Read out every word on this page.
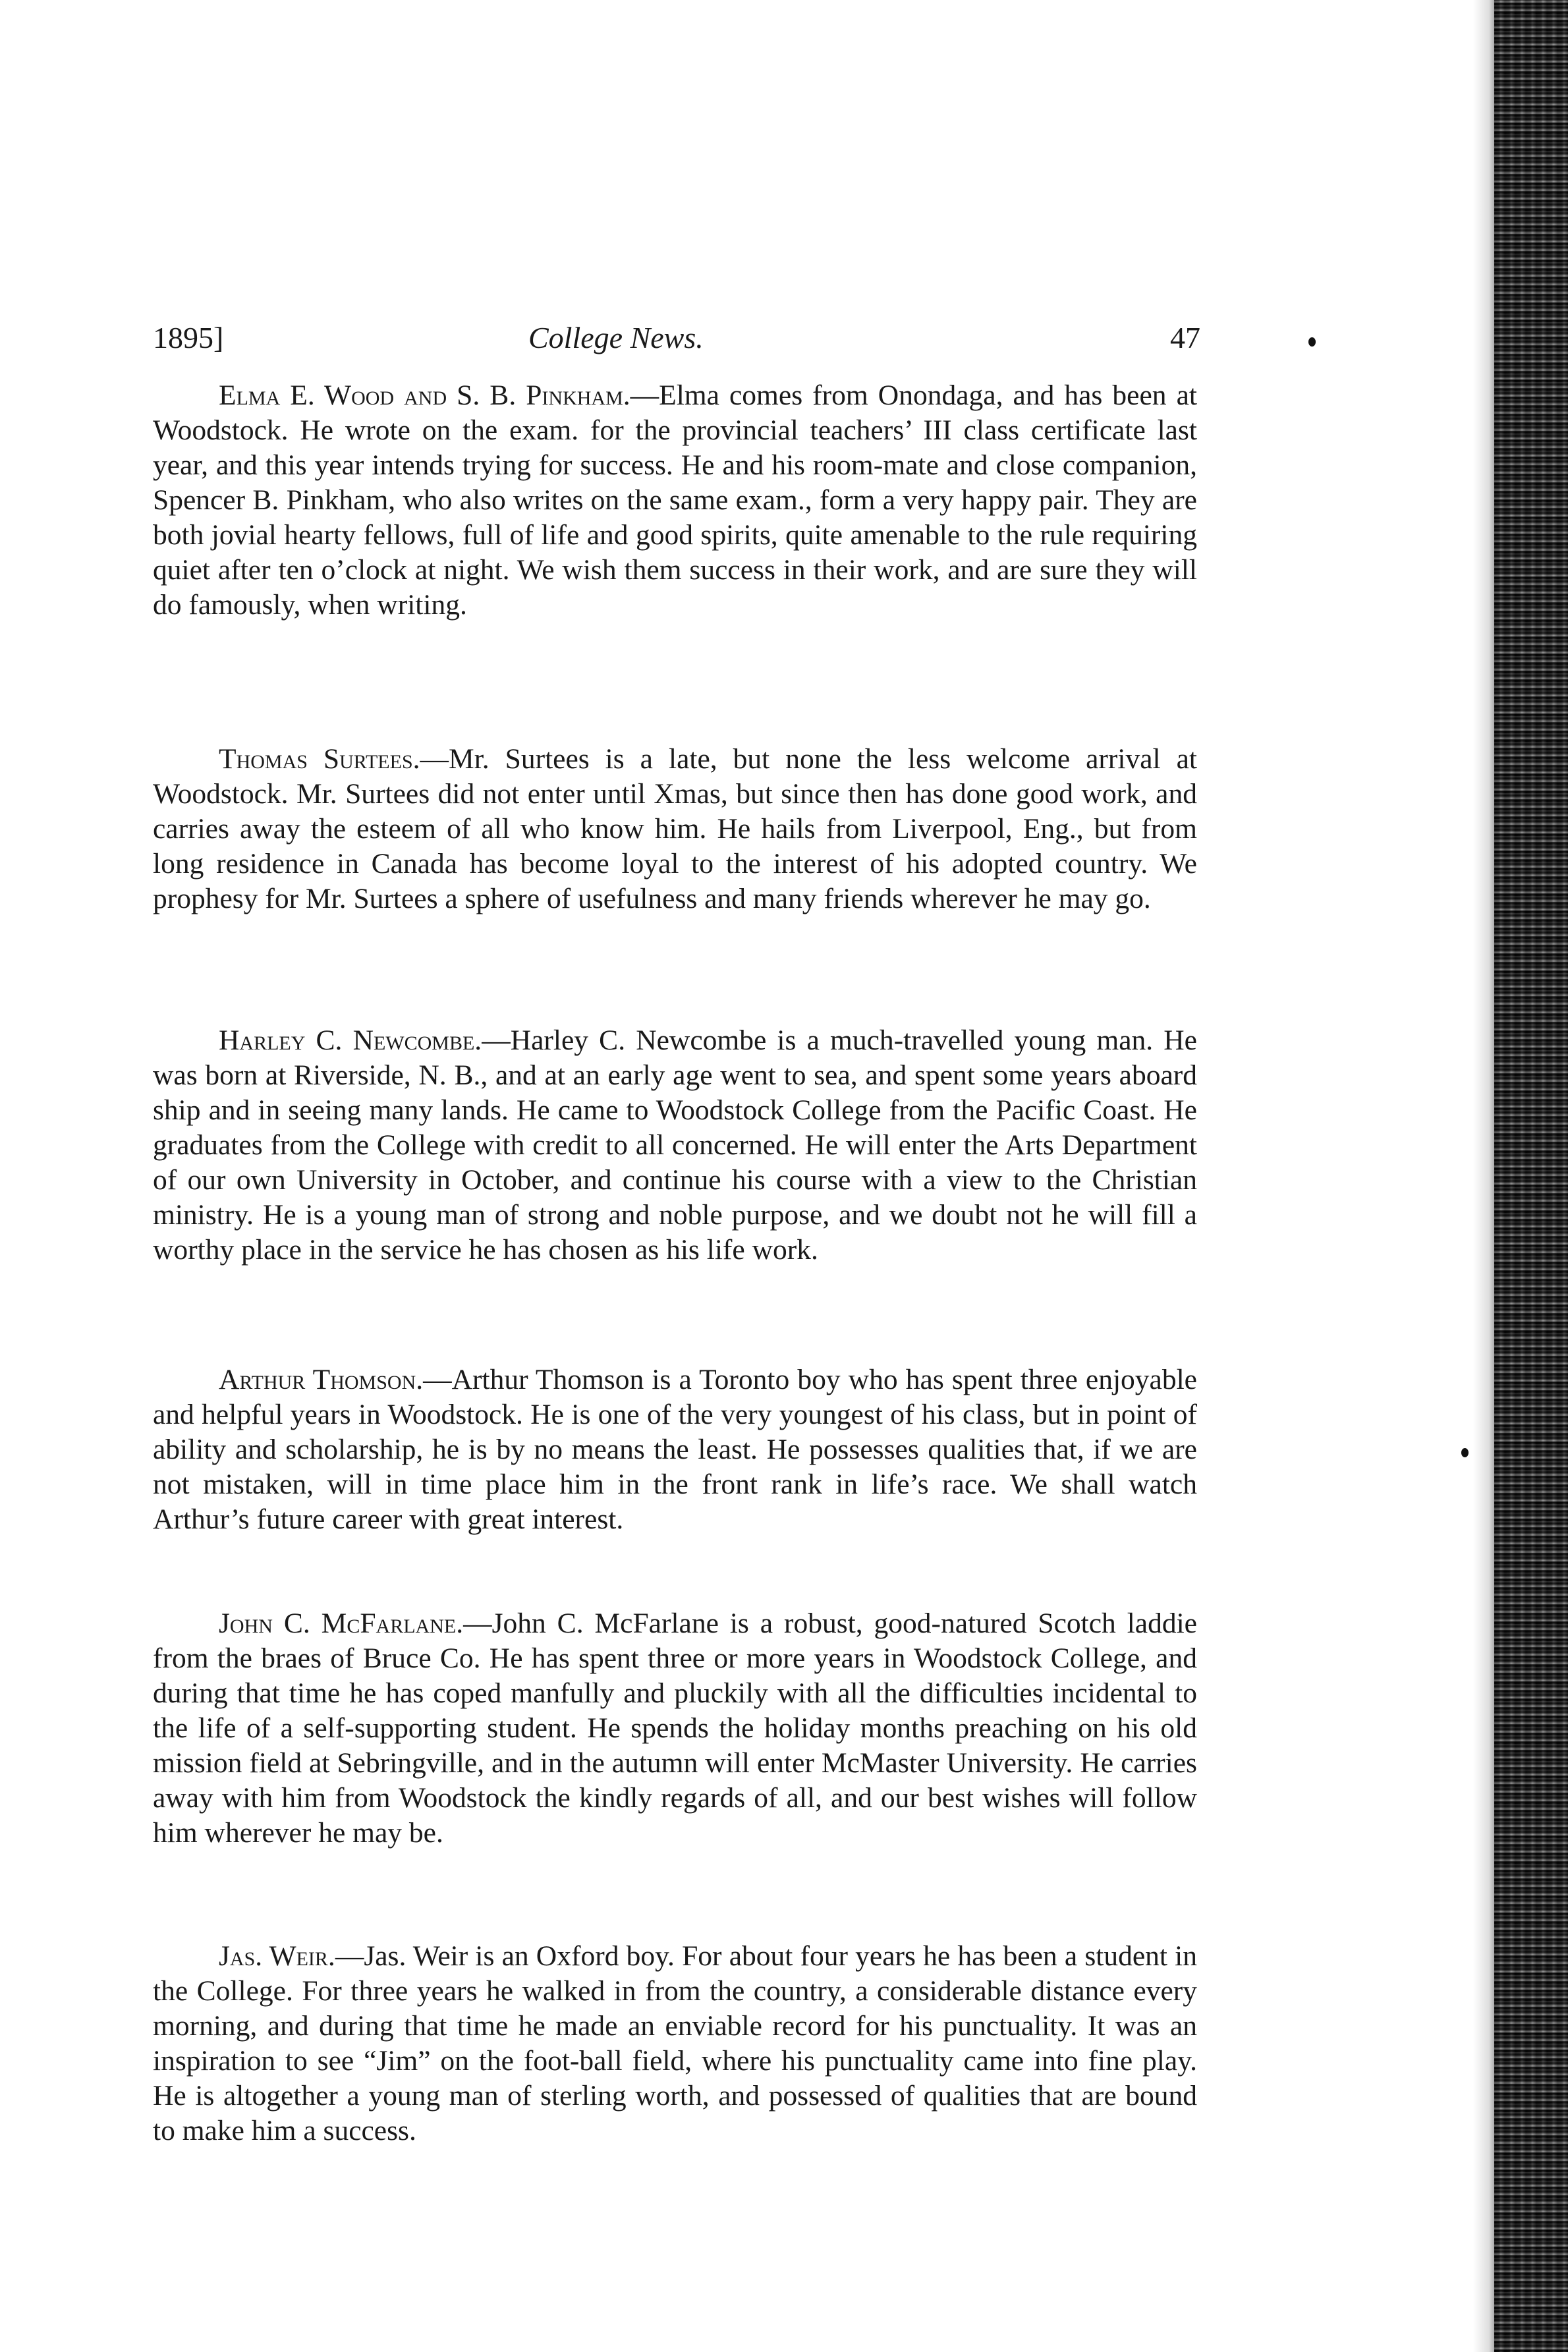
1895]	College News.	47

Elma E. Wood and S. B. Pinkham.—Elma comes from Onondaga, and has been at Woodstock. He wrote on the exam. for the provincial teachers’ III class certificate last year, and this year intends trying for success. He and his room-mate and close companion, Spencer B. Pinkham, who also writes on the same exam., form a very happy pair. They are both jovial hearty fellows, full of life and good spirits, quite amenable to the rule requiring quiet after ten o’clock at night. We wish them success in their work, and are sure they will do famously, when writing.

Thomas Surtees.—Mr. Surtees is a late, but none the less welcome arrival at Woodstock. Mr. Surtees did not enter until Xmas, but since then has done good work, and carries away the esteem of all who know him. He hails from Liverpool, Eng., but from long residence in Canada has become loyal to the interest of his adopted country. We prophesy for Mr. Surtees a sphere of usefulness and many friends wherever he may go.

Harley C. Newcombe.—Harley C. Newcombe is a much-travelled young man. He was born at Riverside, N. B., and at an early age went to sea, and spent some years aboard ship and in seeing many lands. He came to Woodstock College from the Pacific Coast. He graduates from the College with credit to all concerned. He will enter the Arts Department of our own University in October, and continue his course with a view to the Christian ministry. He is a young man of strong and noble purpose, and we doubt not he will fill a worthy place in the service he has chosen as his life work.

Arthur Thomson.—Arthur Thomson is a Toronto boy who has spent three enjoyable and helpful years in Woodstock. He is one of the very youngest of his class, but in point of ability and scholarship, he is by no means the least. He possesses qualities that, if we are not mistaken, will in time place him in the front rank in life’s race. We shall watch Arthur’s future career with great interest.

John C. McFarlane.—John C. McFarlane is a robust, good-natured Scotch laddie from the braes of Bruce Co. He has spent three or more years in Woodstock College, and during that time he has coped manfully and pluckily with all the difficulties incidental to the life of a self-supporting student. He spends the holiday months preaching on his old mission field at Sebringville, and in the autumn will enter McMaster University. He carries away with him from Woodstock the kindly regards of all, and our best wishes will follow him wherever he may be.

Jas. Weir.—Jas. Weir is an Oxford boy. For about four years he has been a student in the College. For three years he walked in from the country, a considerable distance every morning, and during that time he made an enviable record for his punctuality. It was an inspiration to see “Jim” on the foot-ball field, where his punctuality came into fine play. He is altogether a young man of sterling worth, and possessed of qualities that are bound to make him a success.
